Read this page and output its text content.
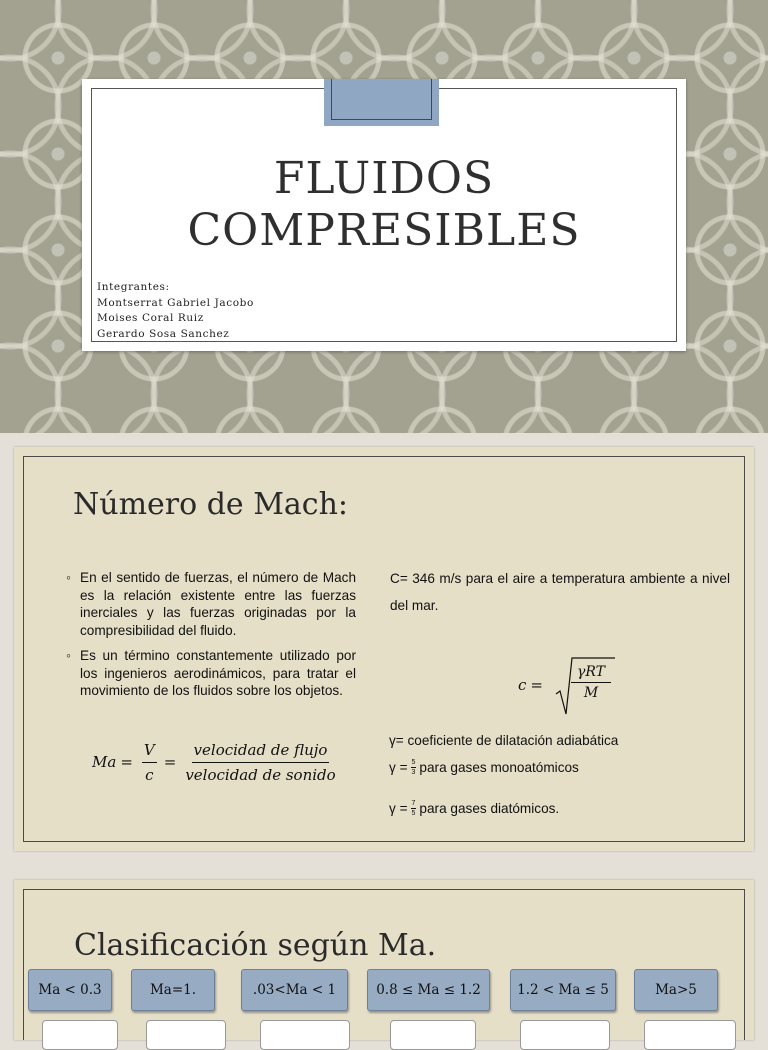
FLUIDOS
COMPRESIBLES
Integrantes:
Montserrat Gabriel Jacobo
Moises Coral Ruiz
Gerardo Sosa Sanchez
Número de Mach:
◦ En el sentido de fuerzas, el número de Mach es la relación existente entre las fuerzas inerciales y las fuerzas originadas por la compresibilidad del fluido.
◦ Es un término constantemente utilizado por los ingenieros aerodinámicos, para tratar el movimiento de los fluidos sobre los objetos.
$Ma = \frac{V}{c} = \frac{\text{velocidad de flujo}}{\text{velocidad de sonido}}$
C= 346 m/s para el aire a temperatura ambiente a nivel del mar.
c =
γRT
M
γ= coeficiente de dilatación adiabática
$\gamma = \frac{5}{3}$ para gases monoatómicos
$\gamma = \frac{7}{5}$ para gases diatómicos.
Clasificación según Ma.
Ma < 0.3	Ma=1.	.03<Ma < 1	0.8 ≤ Ma ≤ 1.2	1.2 < Ma ≤ 5	Ma>5
